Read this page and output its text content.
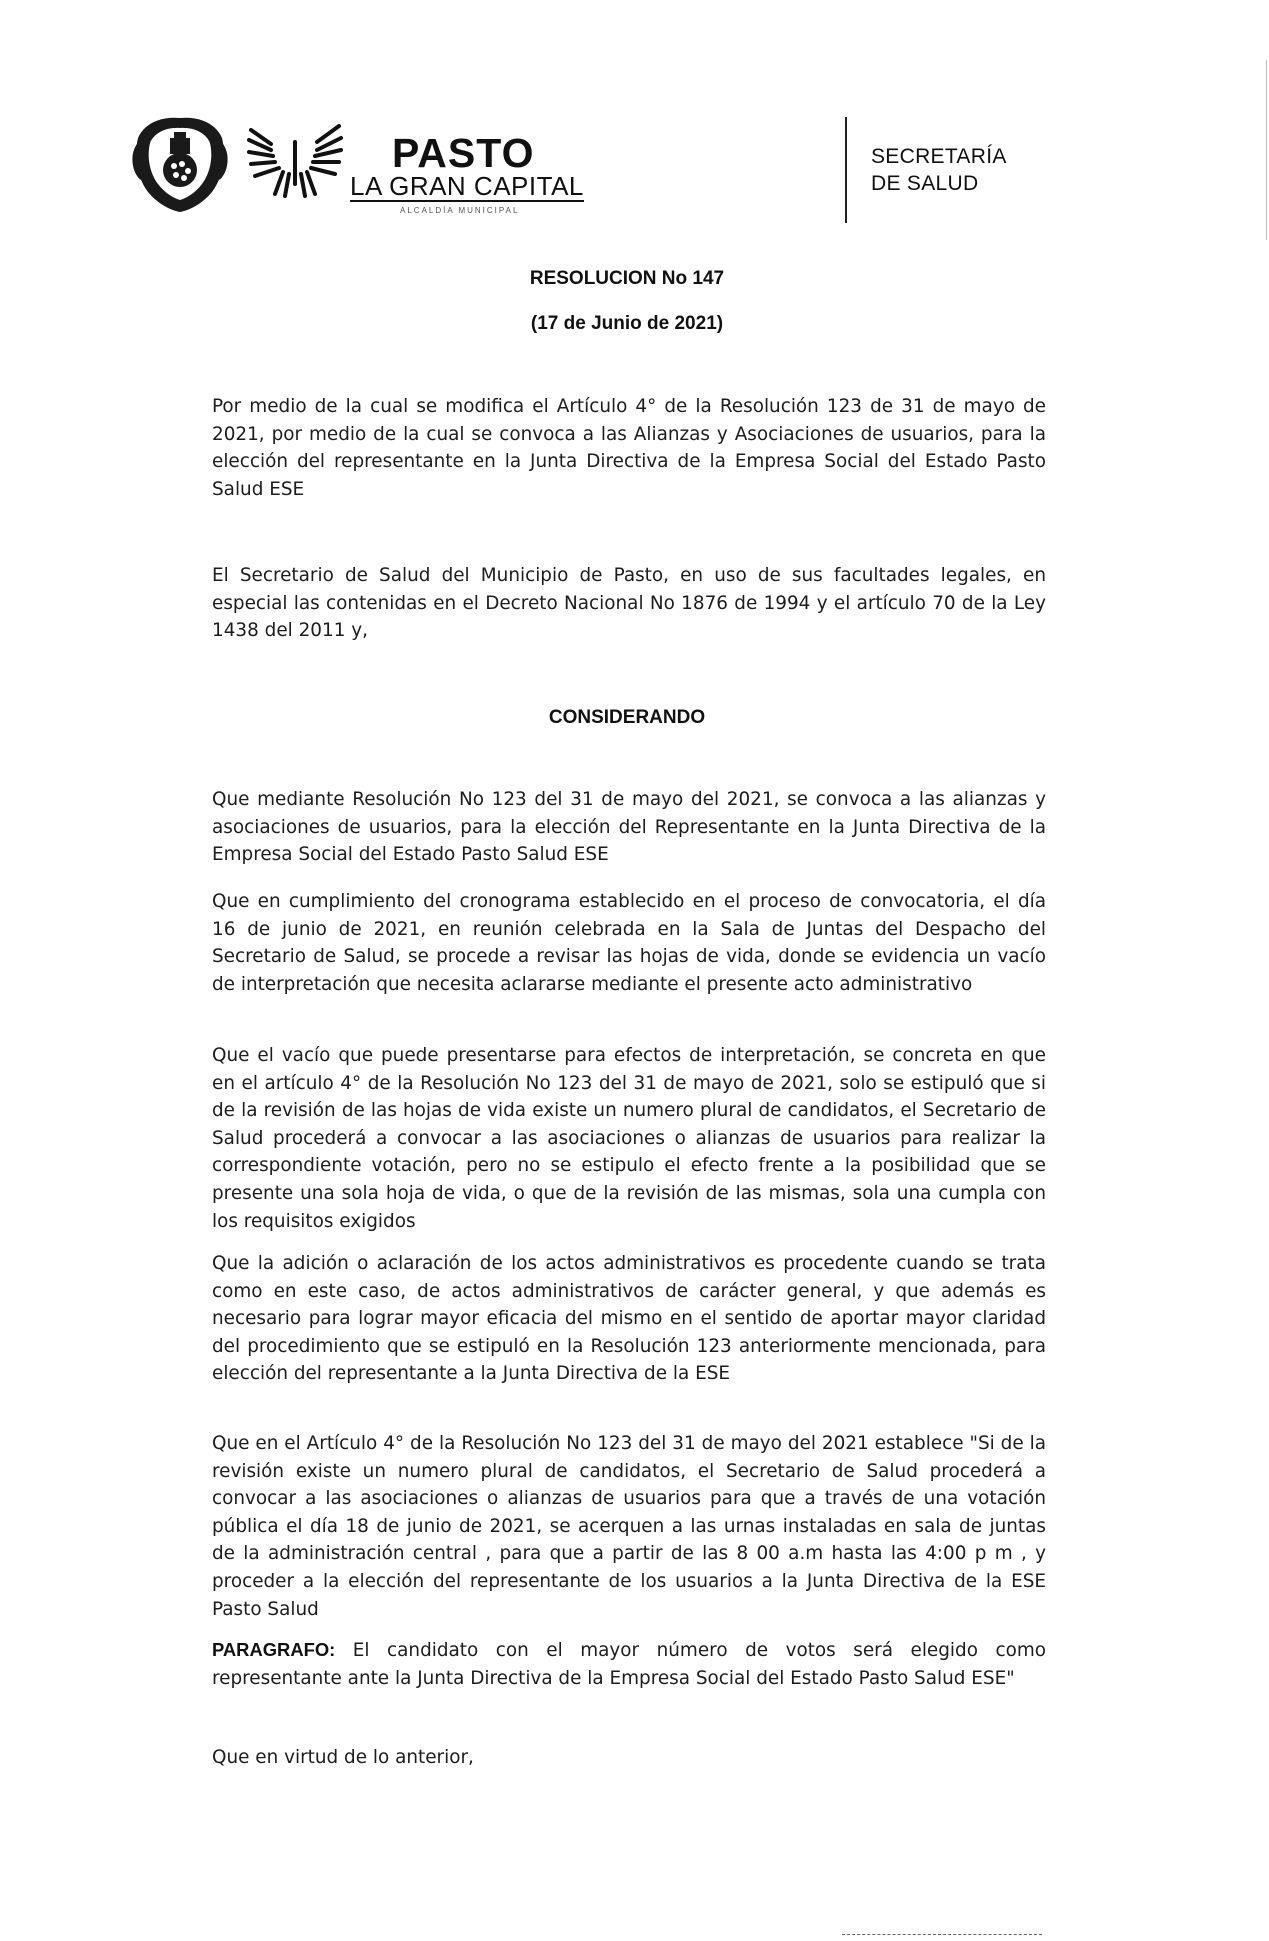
PASTO
LA GRAN CAPITAL
ALCALDÍA MUNICIPAL
SECRETARÍA
DE SALUD
RESOLUCION No 147
(17 de Junio de 2021)

Por medio de la cual se modifica el Artículo 4° de la Resolución 123 de 31 de mayo de 2021, por medio de la cual se convoca a las Alianzas y Asociaciones de usuarios, para la elección del representante en la Junta Directiva de la Empresa Social del Estado Pasto Salud ESE

El Secretario de Salud del Municipio de Pasto, en uso de sus facultades legales, en especial las contenidas en el Decreto Nacional No 1876 de 1994 y el artículo 70 de la Ley 1438 del 2011 y,

CONSIDERANDO

Que mediante Resolución No 123 del 31 de mayo del 2021, se convoca a las alianzas y asociaciones de usuarios, para la elección del Representante en la Junta Directiva de la Empresa Social del Estado Pasto Salud ESE

Que en cumplimiento del cronograma establecido en el proceso de convocatoria, el día 16 de junio de 2021, en reunión celebrada en la Sala de Juntas del Despacho del Secretario de Salud, se procede a revisar las hojas de vida, donde se evidencia un vacío de interpretación que necesita aclararse mediante el presente acto administrativo

Que el vacío que puede presentarse para efectos de interpretación, se concreta en que en el artículo 4° de la Resolución No 123 del 31 de mayo de 2021, solo se estipuló que si de la revisión de las hojas de vida existe un numero plural de candidatos, el Secretario de Salud procederá a convocar a las asociaciones o alianzas de usuarios para realizar la correspondiente votación, pero no se estipulo el efecto frente a la posibilidad que se presente una sola hoja de vida, o que de la revisión de las mismas, sola una cumpla con los requisitos exigidos

Que la adición o aclaración de los actos administrativos es procedente cuando se trata como en este caso, de actos administrativos de carácter general, y que además es necesario para lograr mayor eficacia del mismo en el sentido de aportar mayor claridad del procedimiento que se estipuló en la Resolución 123 anteriormente mencionada, para elección del representante a la Junta Directiva de la ESE

Que en el Artículo 4° de la Resolución No 123 del 31 de mayo del 2021 establece "Si de la revisión existe un numero plural de candidatos, el Secretario de Salud procederá a convocar a las asociaciones o alianzas de usuarios para que a través de una votación pública el día 18 de junio de 2021, se acerquen a las urnas instaladas en sala de juntas de la administración central , para que a partir de las 8 00 a.m hasta las 4:00 p m , y proceder a la elección del representante de los usuarios a la Junta Directiva de la ESE Pasto Salud

PARAGRAFO: El candidato con el mayor número de votos será elegido como representante ante la Junta Directiva de la Empresa Social del Estado Pasto Salud ESE"

Que en virtud de lo anterior,
